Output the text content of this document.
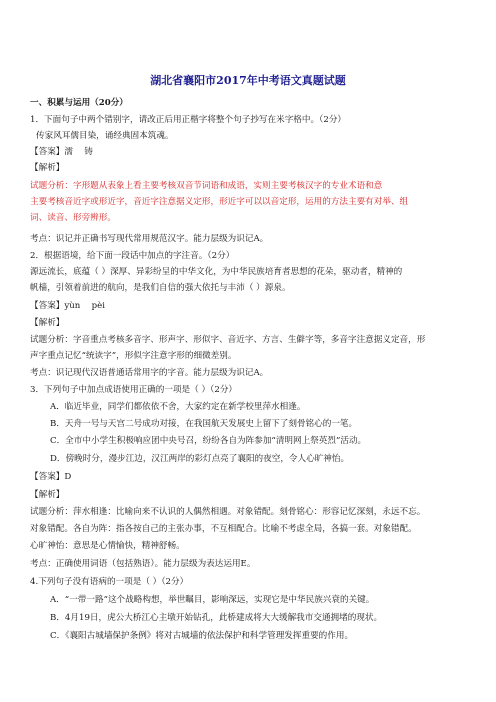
湖北省襄阳市2017年中考语文真题试题
一、积累与运用（20分）
1．下面句子中两个错别字，请改正后用正楷字将整个句子抄写在米字格中。（2分）
传家风耳儒目染，诵经典固本筑魂。
【答案】濡　 铸
【解析】
试题分析：字形题从表象上看主要考核双音节词语和成语，实则主要考核汉字的专业术语和意
主要考核音近字或形近字，音近字注意据义定形，形近字可以以音定形，运用的方法主要有对举、组
词、读音、形旁辨形。
考点：识记并正确书写现代常用规范汉字。能力层级为识记A。
2．根据语境，给下面一段话中加点的字注音。（2分）
源远流长，底蕴（ ）深厚、异彩纷呈的中华文化，为中华民族培育者思想的花朵，驱动者，精神的
帆樯，引领着前进的航向，是我们自信的强大依托与丰沛（ ）源泉。
【答案】yùn　 pèi
【解析】
试题分析：字音重点考核多音字、形声字、形似字、音近字、方言、生僻字等，多音字注意据义定音，形
声字重点记忆“统读字”，形似字注意字形的细微差别。
考点：识记现代汉语普通话常用字的字音。能力层级为识记A。
3．下列句子中加点成语使用正确的一项是（ ）（2分）
A．临近毕业，同学们都依依不舍，大家约定在新学校里萍水相逢。
B．天舟一号与天宫二号成功对接，在我国航天发展史上留下了刻骨铭心的一笔。
C．全市中小学生积极响应团中央号召，纷纷各自为阵参加“清明网上祭英烈”活动。
D．傍晚时分，漫步江边，汉江两岸的彩灯点亮了襄阳的夜空，令人心旷神怡。
【答案】D
【解析】
试题分析：萍水相逢：比喻向来不认识的人偶然相遇。对象错配。刻骨铭心：形容记忆深刻，永远不忘。
对象错配。各自为阵：指各按自己的主张办事，不互相配合。比喻不考虑全局，各搞一套。对象错配。
心旷神怡：意思是心情愉快，精神舒畅。
考点：正确使用词语（包括熟语）。能力层级为表达运用E。
4.下列句子没有语病的一项是（ ）（2分）
A．“一带一路”这个战略构想，举世瞩目，影响深远，实现它是中华民族兴衰的关键。
B．4月19日，虎公大桥江心主墩开始钻孔，此桥建成将大大缓解我市交通拥堵的现状。
C．《襄阳古城墙保护条例》将对古城墙的依法保护和科学管理发挥重要的作用。
